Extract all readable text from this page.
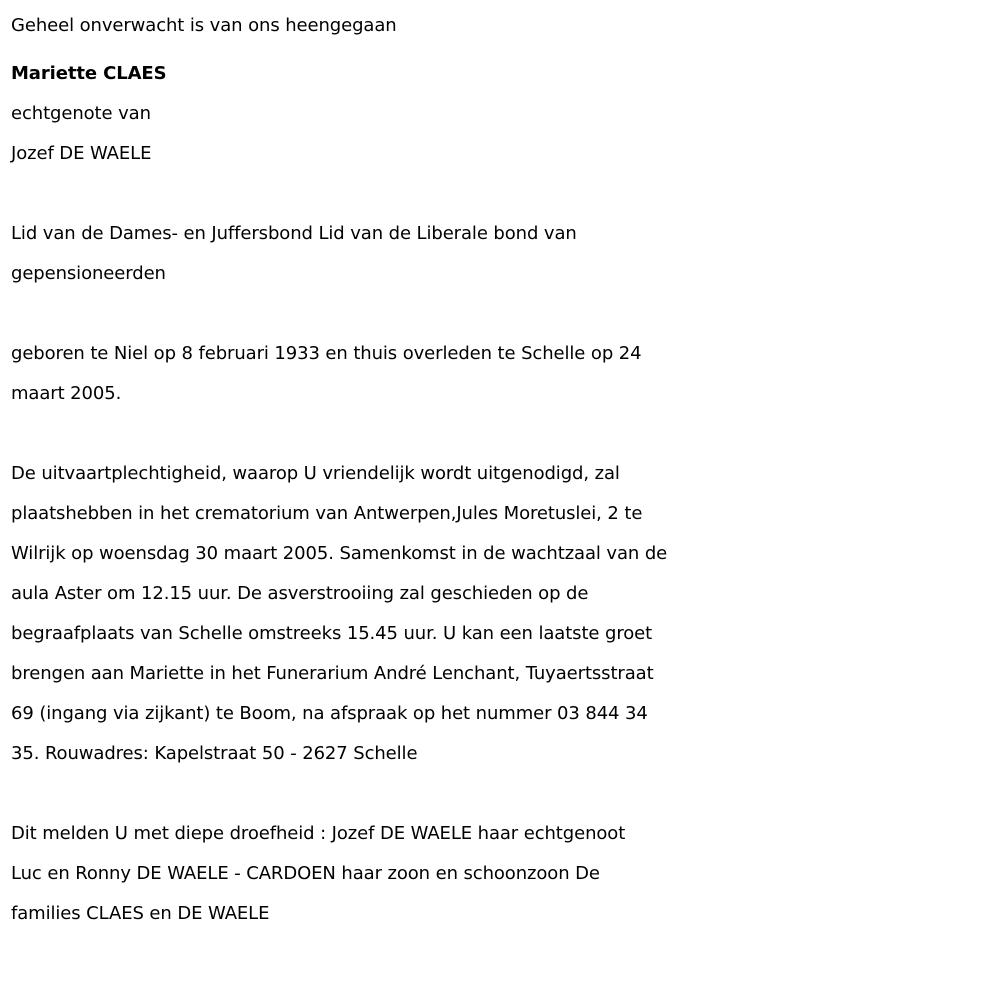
Geheel onverwacht is van ons heengegaan
Mariette CLAES
echtgenote van
Jozef DE WAELE
Lid van de Dames- en Juffersbond Lid van de Liberale bond van
gepensioneerden
geboren te Niel op 8 februari 1933 en thuis overleden te Schelle op 24
maart 2005.
De uitvaartplechtigheid, waarop U vriendelijk wordt uitgenodigd, zal
plaatshebben in het crematorium van Antwerpen,Jules Moretuslei, 2 te
Wilrijk op woensdag 30 maart 2005. Samenkomst in de wachtzaal van de
aula Aster om 12.15 uur. De asverstrooiing zal geschieden op de
begraafplaats van Schelle omstreeks 15.45 uur. U kan een laatste groet
brengen aan Mariette in het Funerarium André Lenchant, Tuyaertsstraat
69 (ingang via zijkant) te Boom, na afspraak op het nummer 03 844 34
35. Rouwadres: Kapelstraat 50 - 2627 Schelle
Dit melden U met diepe droefheid : Jozef DE WAELE haar echtgenoot
Luc en Ronny DE WAELE - CARDOEN haar zoon en schoonzoon De
families CLAES en DE WAELE
